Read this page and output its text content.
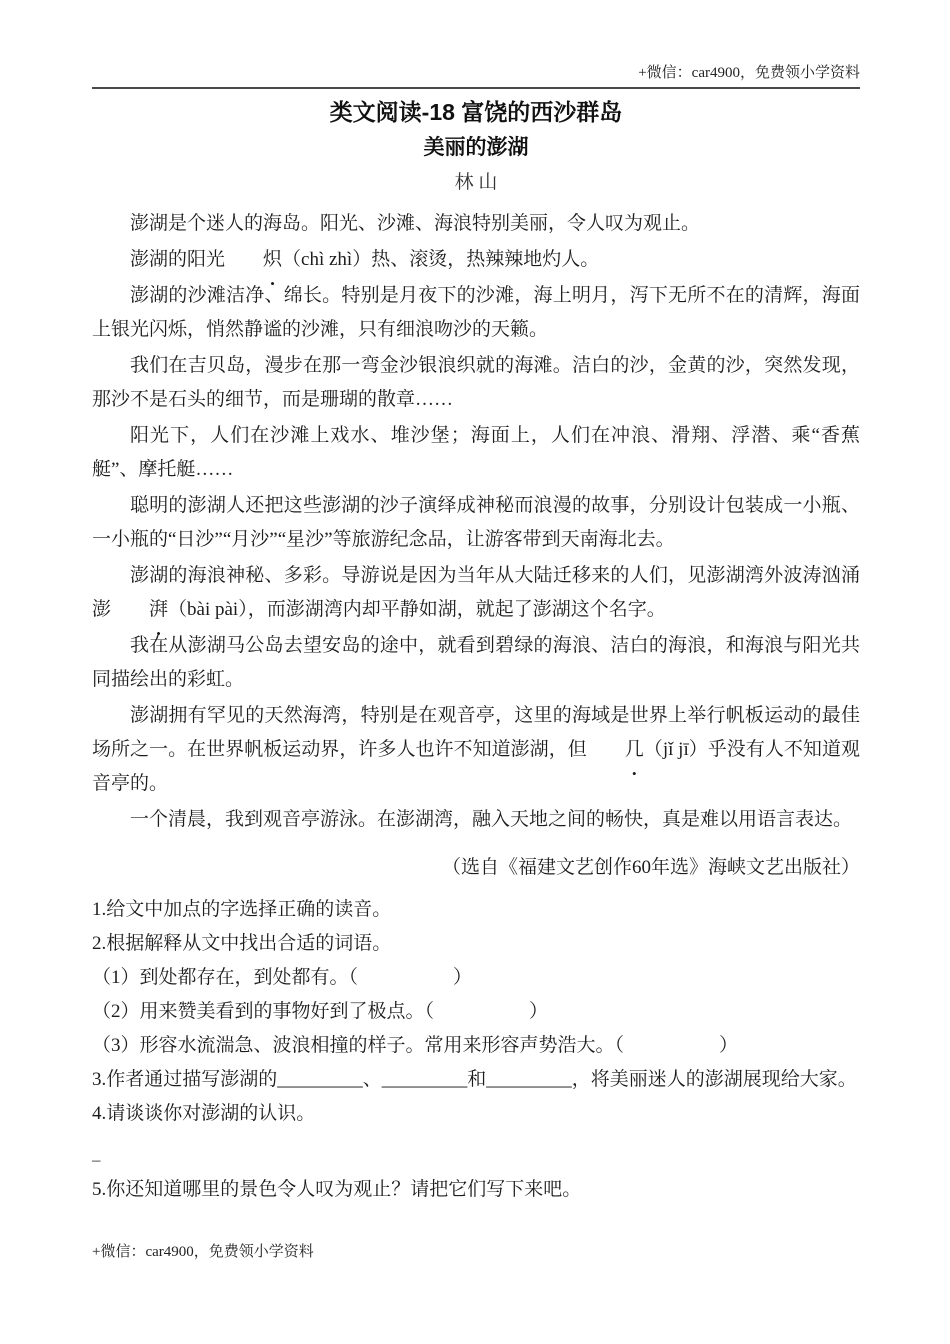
+微信：car4900，免费领小学资料
类文阅读-18 富饶的西沙群岛
美丽的澎湖
林 山

澎湖是个迷人的海岛。阳光、沙滩、海浪特别美丽，令人叹为观止。

澎湖的阳光 炽（chì zhì）热、滚烫，热辣辣地灼人。

澎湖的沙滩洁净、绵长。特别是月夜下的沙滩，海上明月，泻下无所不在的清辉，海面上银光闪烁，悄然静谧的沙滩，只有细浪吻沙的天籁。

我们在吉贝岛，漫步在那一弯金沙银浪织就的海滩。洁白的沙，金黄的沙，突然发现，那沙不是石头的细节，而是珊瑚的散章……

阳光下，人们在沙滩上戏水、堆沙堡；海面上，人们在冲浪、滑翔、浮潜、乘“香蕉艇”、摩托艇……

聪明的澎湖人还把这些澎湖的沙子演绎成神秘而浪漫的故事，分别设计包装成一小瓶、一小瓶的“日沙”“月沙”“星沙”等旅游纪念品，让游客带到天南海北去。

澎湖的海浪神秘、多彩。导游说是因为当年从大陆迁移来的人们，见澎湖湾外波涛汹涌澎 湃（bài pài），而澎湖湾内却平静如湖，就起了澎湖这个名字。

我在从澎湖马公岛去望安岛的途中，就看到碧绿的海浪、洁白的海浪，和海浪与阳光共同描绘出的彩虹。

澎湖拥有罕见的天然海湾，特别是在观音亭，这里的海域是世界上举行帆板运动的最佳场所之一。在世界帆板运动界，许多人也许不知道澎湖，但 几（jǐ jī）乎没有人不知道观音亭的。

一个清晨，我到观音亭游泳。在澎湖湾，融入天地之间的畅快，真是难以用语言表达。

（选自《福建文艺创作60年选》海峡文艺出版社）
1.给文中加点的字选择正确的读音。
2.根据解释从文中找出合适的词语。
（1）到处都存在，到处都有。（　　　　　）
（2）用来赞美看到的事物好到了极点。（　　　　　）
（3）形容水流湍急、波浪相撞的样子。常用来形容声势浩大。（　　　　　）
3.作者通过描写澎湖的_________、_________和_________，将美丽迷人的澎湖展现给大家。
4.请谈谈你对澎湖的认识。
–
5.你还知道哪里的景色令人叹为观止？请把它们写下来吧。
+微信：car4900，免费领小学资料
